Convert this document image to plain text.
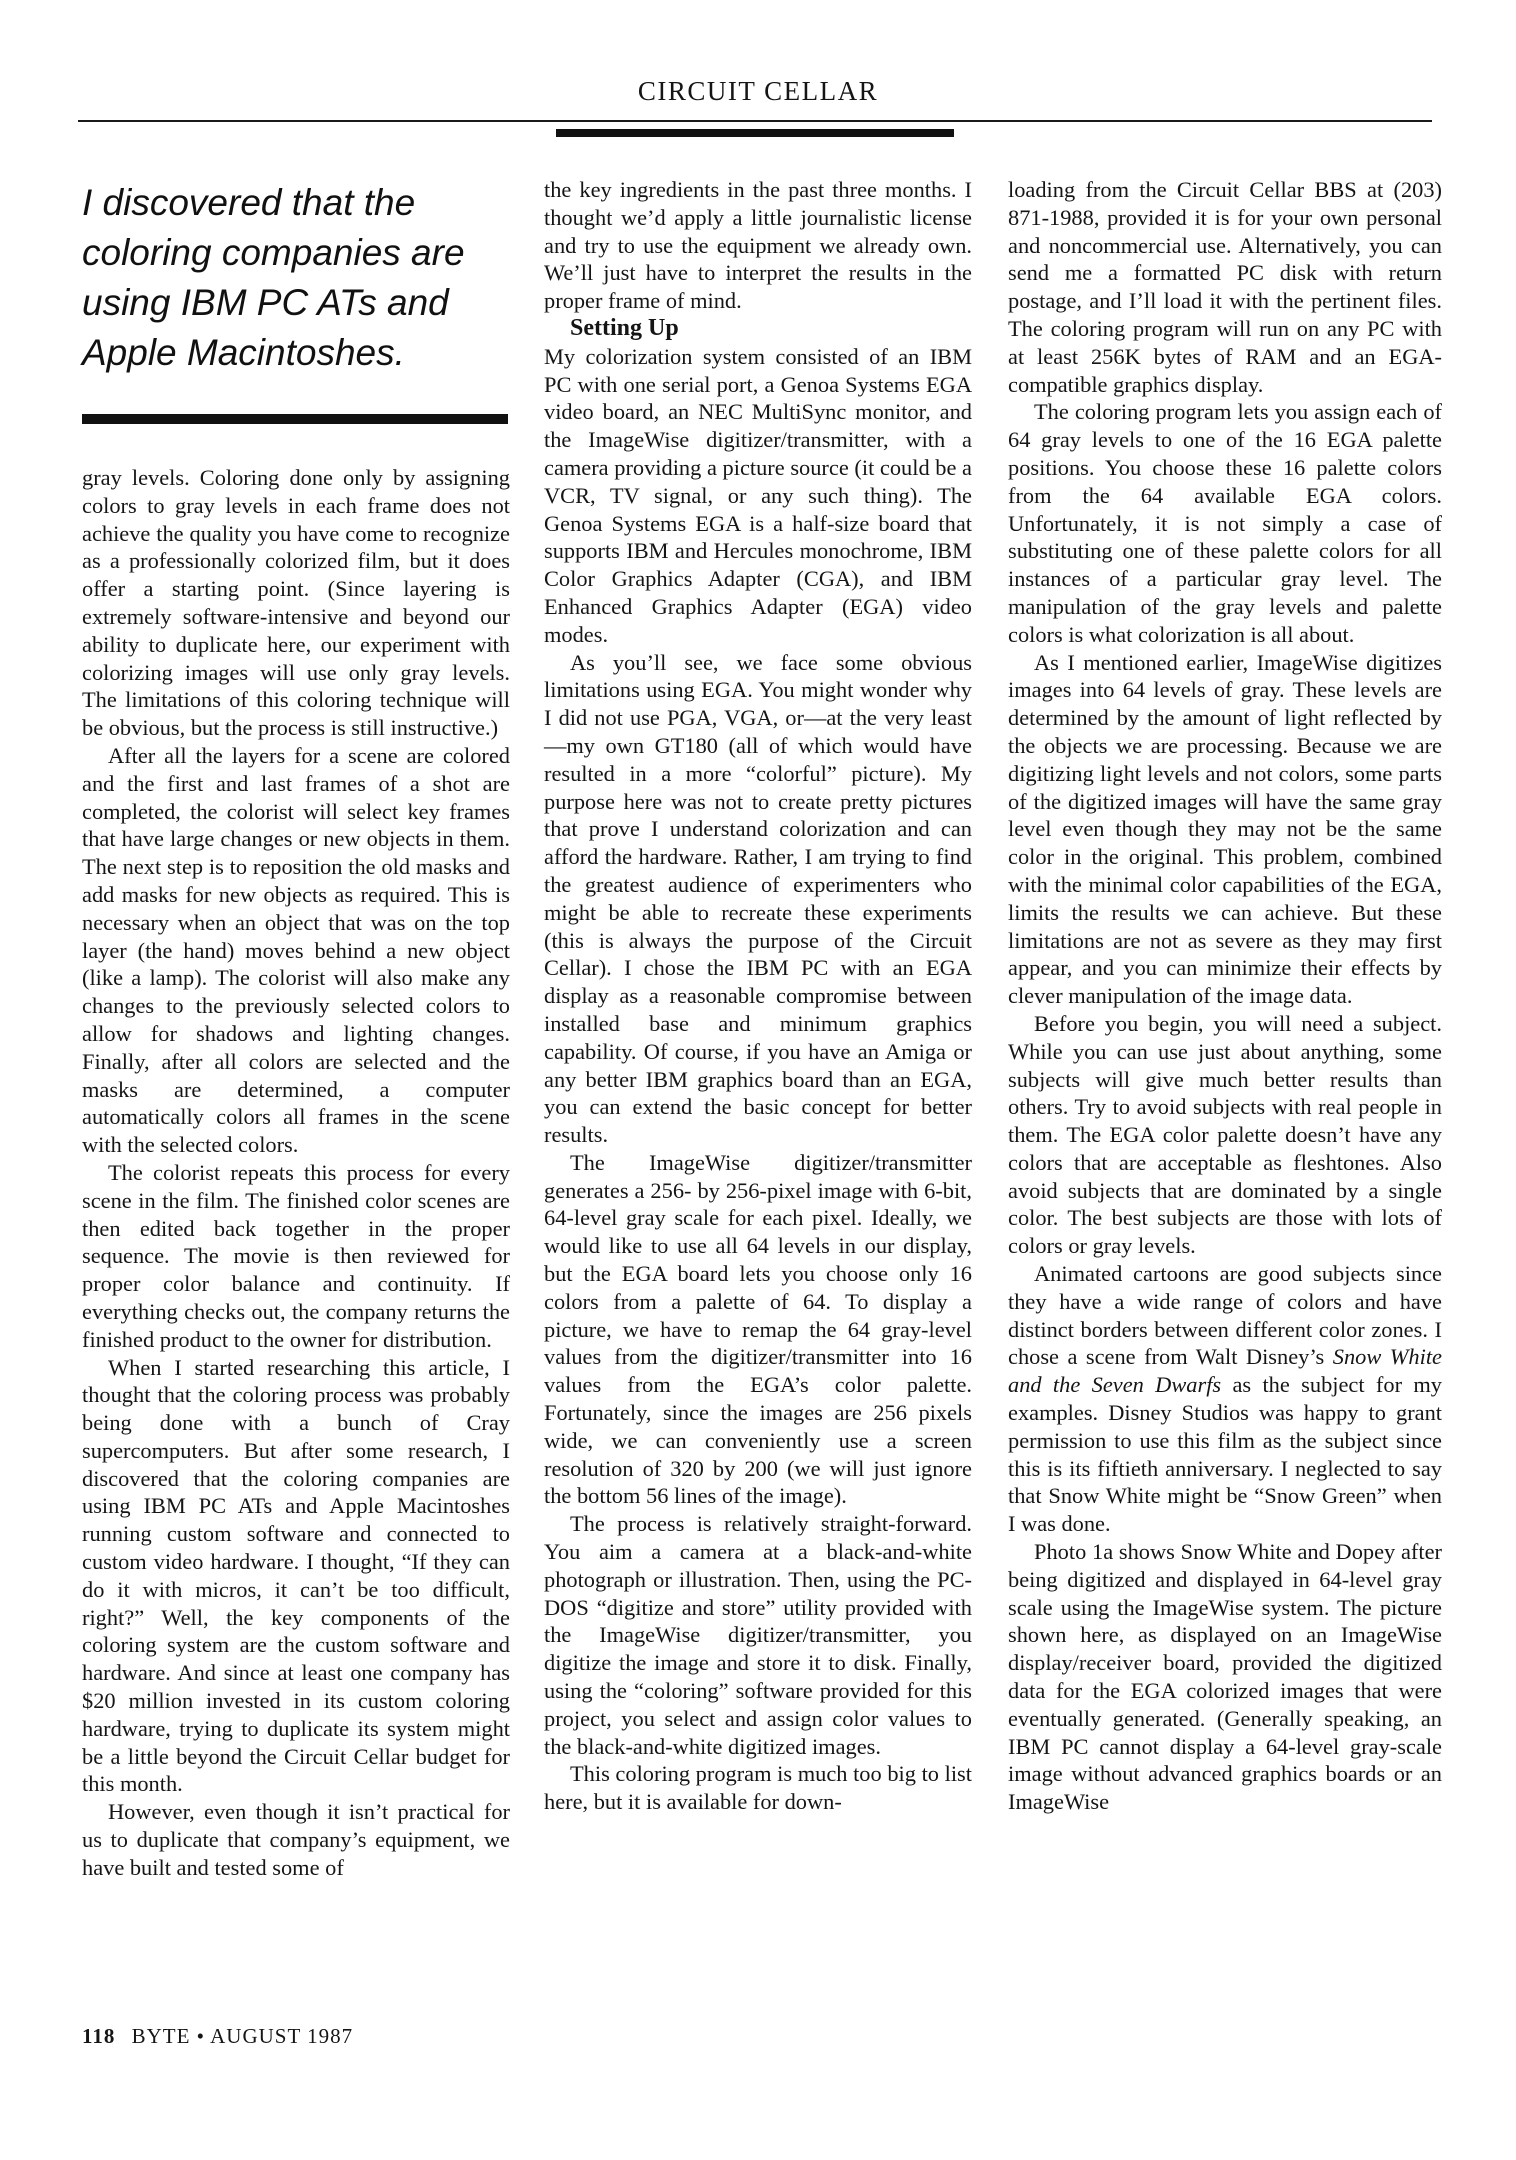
CIRCUIT CELLAR
I discovered that the coloring companies are using IBM PC ATs and Apple Macintoshes.

gray levels. Coloring done only by assigning colors to gray levels in each frame does not achieve the quality you have come to recognize as a professionally colorized film, but it does offer a starting point. (Since layering is extremely software-intensive and beyond our ability to duplicate here, our experiment with colorizing images will use only gray levels. The limitations of this coloring technique will be obvious, but the process is still instructive.)

After all the layers for a scene are colored and the first and last frames of a shot are completed, the colorist will select key frames that have large changes or new objects in them. The next step is to reposition the old masks and add masks for new objects as required. This is necessary when an object that was on the top layer (the hand) moves behind a new object (like a lamp). The colorist will also make any changes to the previously selected colors to allow for shadows and lighting changes. Finally, after all colors are selected and the masks are determined, a computer automatically colors all frames in the scene with the selected colors.

The colorist repeats this process for every scene in the film. The finished color scenes are then edited back together in the proper sequence. The movie is then reviewed for proper color balance and continuity. If everything checks out, the company returns the finished product to the owner for distribution.

When I started researching this article, I thought that the coloring process was probably being done with a bunch of Cray supercomputers. But after some research, I discovered that the coloring companies are using IBM PC ATs and Apple Macintoshes running custom software and connected to custom video hardware. I thought, “If they can do it with micros, it can’t be too difficult, right?” Well, the key components of the coloring system are the custom software and hardware. And since at least one company has $20 million invested in its custom coloring hardware, trying to duplicate its system might be a little beyond the Circuit Cellar budget for this month.

However, even though it isn’t practical for us to duplicate that company’s equipment, we have built and tested some of

the key ingredients in the past three months. I thought we’d apply a little journalistic license and try to use the equipment we already own. We’ll just have to interpret the results in the proper frame of mind.

Setting Up

My colorization system consisted of an IBM PC with one serial port, a Genoa Systems EGA video board, an NEC MultiSync monitor, and the ImageWise digitizer/transmitter, with a camera providing a picture source (it could be a VCR, TV signal, or any such thing). The Genoa Systems EGA is a half-size board that supports IBM and Hercules monochrome, IBM Color Graphics Adapter (CGA), and IBM Enhanced Graphics Adapter (EGA) video modes.

As you’ll see, we face some obvious limitations using EGA. You might wonder why I did not use PGA, VGA, or—at the very least—my own GT180 (all of which would have resulted in a more “colorful” picture). My purpose here was not to create pretty pictures that prove I understand colorization and can afford the hardware. Rather, I am trying to find the greatest audience of experimenters who might be able to recreate these experiments (this is always the purpose of the Circuit Cellar). I chose the IBM PC with an EGA display as a reasonable compromise between installed base and minimum graphics capability. Of course, if you have an Amiga or any better IBM graphics board than an EGA, you can extend the basic concept for better results.

The ImageWise digitizer/transmitter generates a 256- by 256-pixel image with 6-bit, 64-level gray scale for each pixel. Ideally, we would like to use all 64 levels in our display, but the EGA board lets you choose only 16 colors from a palette of 64. To display a picture, we have to remap the 64 gray-level values from the digitizer/transmitter into 16 values from the EGA’s color palette. Fortunately, since the images are 256 pixels wide, we can conveniently use a screen resolution of 320 by 200 (we will just ignore the bottom 56 lines of the image).

The process is relatively straight-forward. You aim a camera at a black-and-white photograph or illustration. Then, using the PC-DOS “digitize and store” utility provided with the ImageWise digitizer/transmitter, you digitize the image and store it to disk. Finally, using the “coloring” software provided for this project, you select and assign color values to the black-and-white digitized images.

This coloring program is much too big to list here, but it is available for down-

loading from the Circuit Cellar BBS at (203) 871-1988, provided it is for your own personal and noncommercial use. Alternatively, you can send me a formatted PC disk with return postage, and I’ll load it with the pertinent files. The coloring program will run on any PC with at least 256K bytes of RAM and an EGA-compatible graphics display.

The coloring program lets you assign each of 64 gray levels to one of the 16 EGA palette positions. You choose these 16 palette colors from the 64 available EGA colors. Unfortunately, it is not simply a case of substituting one of these palette colors for all instances of a particular gray level. The manipulation of the gray levels and palette colors is what colorization is all about.

As I mentioned earlier, ImageWise digitizes images into 64 levels of gray. These levels are determined by the amount of light reflected by the objects we are processing. Because we are digitizing light levels and not colors, some parts of the digitized images will have the same gray level even though they may not be the same color in the original. This problem, combined with the minimal color capabilities of the EGA, limits the results we can achieve. But these limitations are not as severe as they may first appear, and you can minimize their effects by clever manipulation of the image data.

Before you begin, you will need a subject. While you can use just about anything, some subjects will give much better results than others. Try to avoid subjects with real people in them. The EGA color palette doesn’t have any colors that are acceptable as fleshtones. Also avoid subjects that are dominated by a single color. The best subjects are those with lots of colors or gray levels.

Animated cartoons are good subjects since they have a wide range of colors and have distinct borders between different color zones. I chose a scene from Walt Disney’s Snow White and the Seven Dwarfs as the subject for my examples. Disney Studios was happy to grant permission to use this film as the subject since this is its fiftieth anniversary. I neglected to say that Snow White might be “Snow Green” when I was done.

Photo 1a shows Snow White and Dopey after being digitized and displayed in 64-level gray scale using the ImageWise system. The picture shown here, as displayed on an ImageWise display/receiver board, provided the digitized data for the EGA colorized images that were eventually generated. (Generally speaking, an IBM PC cannot display a 64-level gray-scale image without advanced graphics boards or an ImageWise

118 BYTE • AUGUST 1987
